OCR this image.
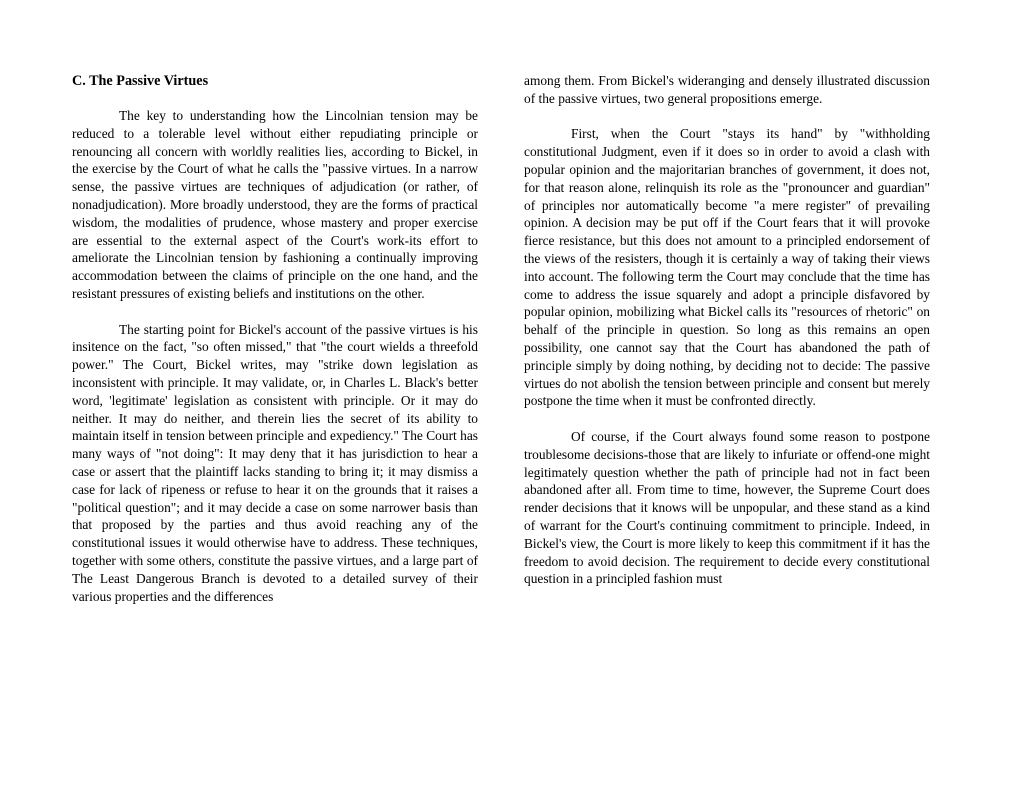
C. The Passive Virtues

The key to understanding how the Lincolnian tension may be reduced to a tolerable level without either repudiating principle or renouncing all concern with worldly realities lies, according to Bickel, in the exercise by the Court of what he calls the "passive virtues. In a narrow sense, the passive virtues are techniques of adjudication (or rather, of nonadjudication). More broadly understood, they are the forms of practical wisdom, the modalities of prudence, whose mastery and proper exercise are essential to the external aspect of the Court's work-its effort to ameliorate the Lincolnian tension by fashioning a continually improving accommodation between the claims of principle on the one hand, and the resistant pressures of existing beliefs and institutions on the other.

The starting point for Bickel's account of the passive virtues is his insitence on the fact, "so often missed," that "the court wields a threefold power." The Court, Bickel writes, may "strike down legislation as inconsistent with principle. It may validate, or, in Charles L. Black's better word, 'legitimate' legislation as consistent with principle. Or it may do neither. It may do neither, and therein lies the secret of its ability to maintain itself in tension between principle and expediency." The Court has many ways of "not doing": It may deny that it has jurisdiction to hear a case or assert that the plaintiff lacks standing to bring it; it may dismiss a case for lack of ripeness or refuse to hear it on the grounds that it raises a "political question"; and it may decide a case on some narrower basis than that proposed by the parties and thus avoid reaching any of the constitutional issues it would otherwise have to address. These techniques, together with some others, constitute the passive virtues, and a large part of The Least Dangerous Branch is devoted to a detailed survey of their various properties and the differences

among them. From Bickel's wideranging and densely illustrated discussion of the passive virtues, two general propositions emerge.

First, when the Court "stays its hand" by "withholding constitutional Judgment, even if it does so in order to avoid a clash with popular opinion and the majoritarian branches of government, it does not, for that reason alone, relinquish its role as the "pronouncer and guardian" of principles nor automatically become "a mere register" of prevailing opinion. A decision may be put off if the Court fears that it will provoke fierce resistance, but this does not amount to a principled endorsement of the views of the resisters, though it is certainly a way of taking their views into account. The following term the Court may conclude that the time has come to address the issue squarely and adopt a principle disfavored by popular opinion, mobilizing what Bickel calls its "resources of rhetoric" on behalf of the principle in question. So long as this remains an open possibility, one cannot say that the Court has abandoned the path of principle simply by doing nothing, by deciding not to decide: The passive virtues do not abolish the tension between principle and consent but merely postpone the time when it must be confronted directly.

Of course, if the Court always found some reason to postpone troublesome decisions-those that are likely to infuriate or offend-one might legitimately question whether the path of principle had not in fact been abandoned after all. From time to time, however, the Supreme Court does render decisions that it knows will be unpopular, and these stand as a kind of warrant for the Court's continuing commitment to principle. Indeed, in Bickel's view, the Court is more likely to keep this commitment if it has the freedom to avoid decision. The requirement to decide every constitutional question in a principled fashion must
